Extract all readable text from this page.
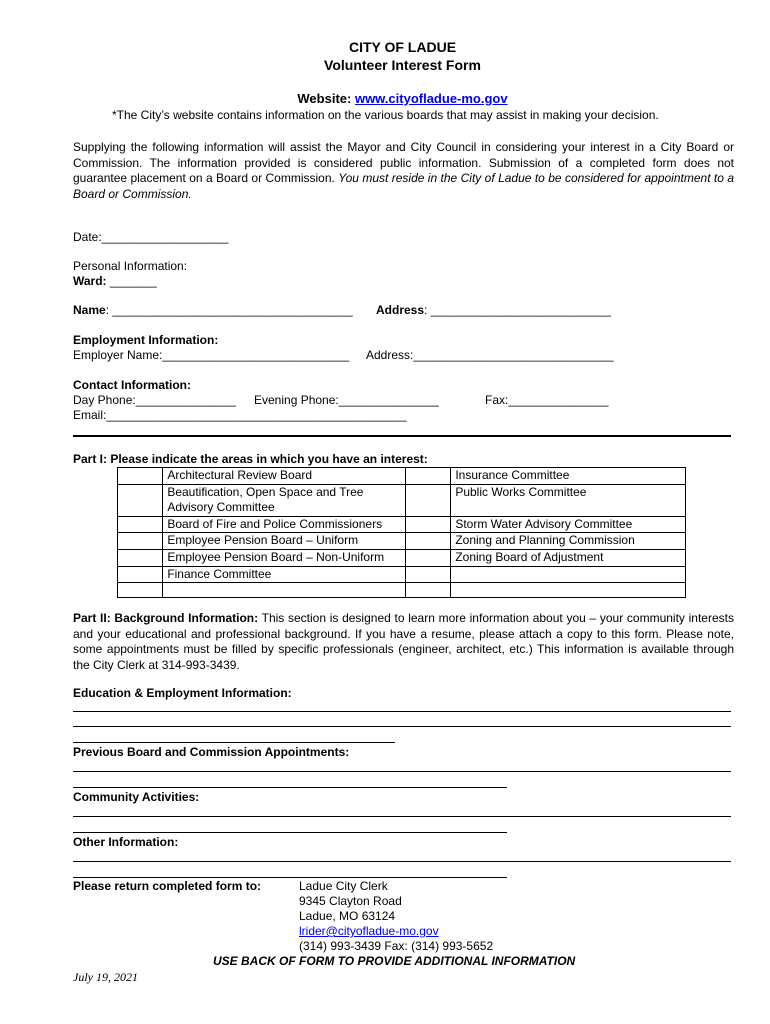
CITY OF LADUE
Volunteer Interest Form
Website: www.cityofladue-mo.gov
*The City’s website contains information on the various boards that may assist in making your decision.
Supplying the following information will assist the Mayor and City Council in considering your interest in a City Board or Commission. The information provided is considered public information. Submission of a completed form does not guarantee placement on a Board or Commission. You must reside in the City of Ladue to be considered for appointment to a Board or Commission.
Date:___________________
Personal Information:
Ward: _______
Name: ____________________________________ Address: ___________________________
Employment Information:
Employer Name:____________________________ Address:______________________________
Contact Information:
Day Phone:_______________ Evening Phone:_______________	Fax:_______________
Email:_____________________________________________
Part I: Please indicate the areas in which you have an interest:
	Architectural Review Board		Insurance Committee
	Beautification, Open Space and Tree Advisory Committee		Public Works Committee
	Board of Fire and Police Commissioners		Storm Water Advisory Committee
	Employee Pension Board – Uniform		Zoning and Planning Commission
	Employee Pension Board – Non-Uniform		Zoning Board of Adjustment
	Finance Committee		

Part II: Background Information: This section is designed to learn more information about you – your community interests and your educational and professional background. If you have a resume, please attach a copy to this form. Please note, some appointments must be filled by specific professionals (engineer, architect, etc.) This information is available through the City Clerk at 314-993-3439.
Education & Employment Information:
Previous Board and Commission Appointments:
Community Activities:
Other Information:
Please return completed form to:	Ladue City Clerk
9345 Clayton Road
Ladue, MO 63124
lrider@cityofladue-mo.gov
(314) 993-3439 Fax: (314) 993-5652
USE BACK OF FORM TO PROVIDE ADDITIONAL INFORMATION
July 19, 2021
